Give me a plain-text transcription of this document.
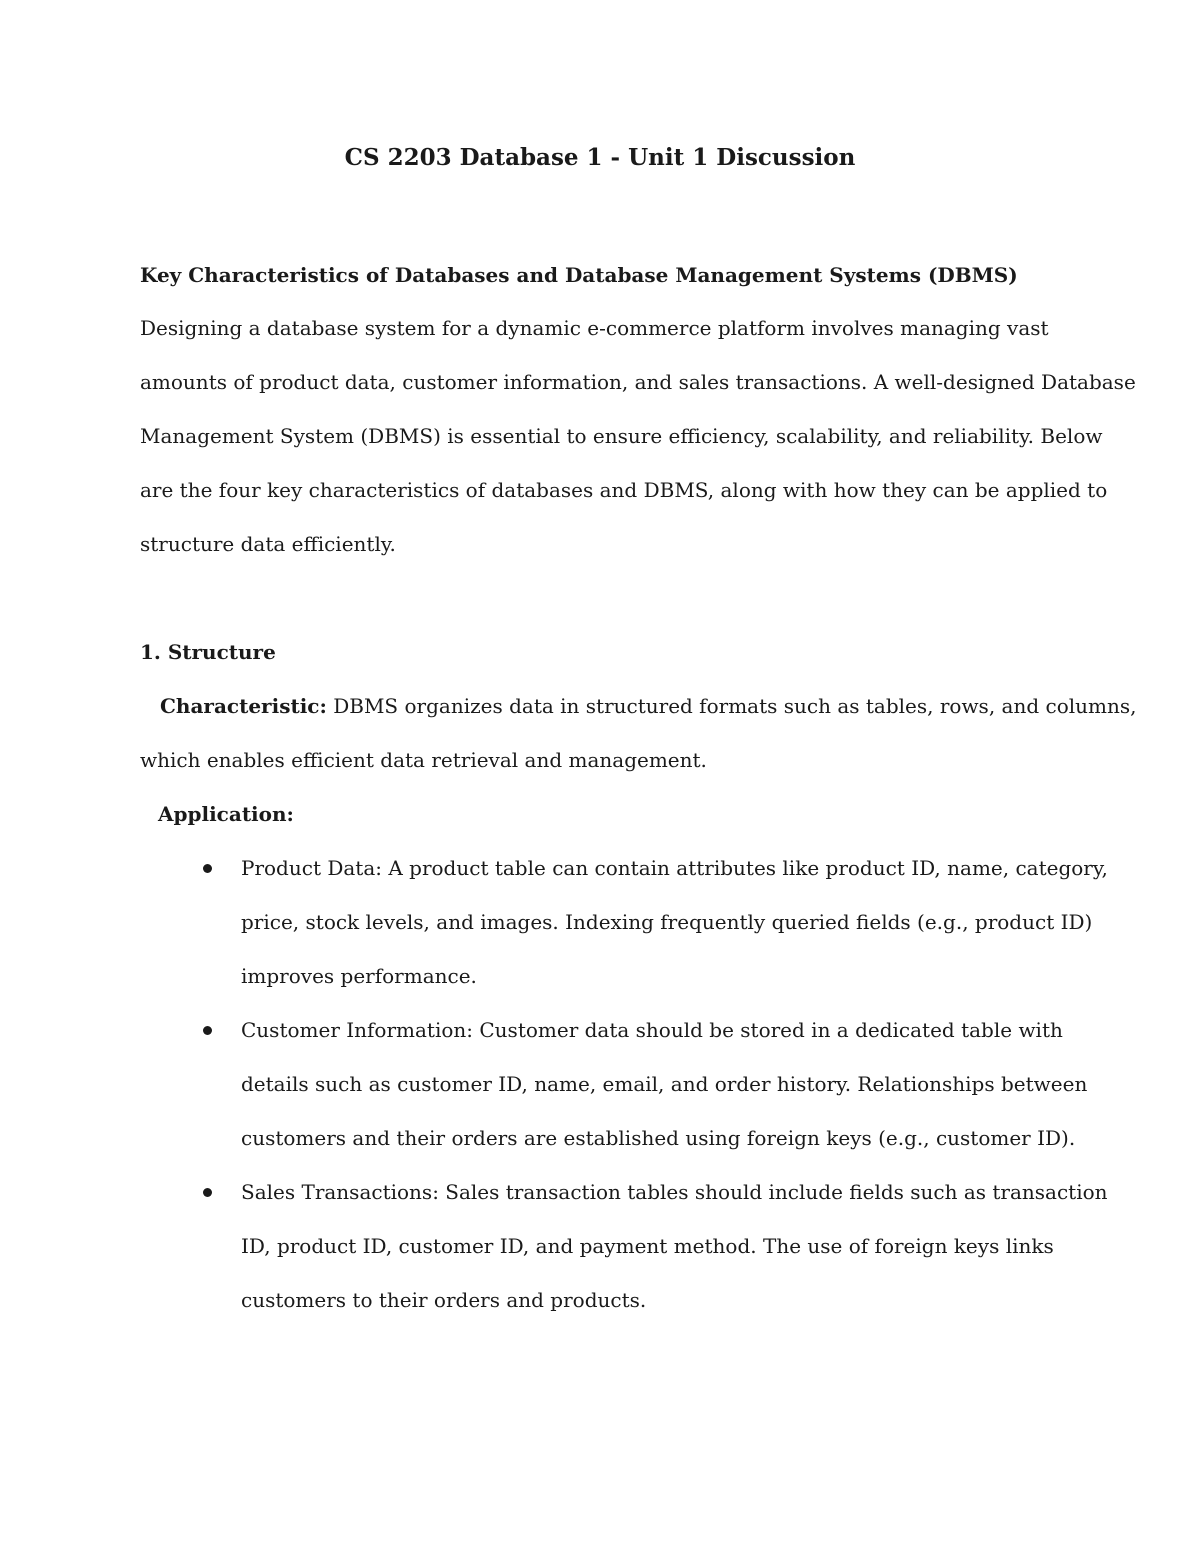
CS 2203 Database 1 - Unit 1 Discussion

Key Characteristics of Databases and Database Management Systems (DBMS)

Designing a database system for a dynamic e-commerce platform involves managing vast

amounts of product data, customer information, and sales transactions. A well-designed Database

Management System (DBMS) is essential to ensure efficiency, scalability, and reliability. Below

are the four key characteristics of databases and DBMS, along with how they can be applied to

structure data efficiently.

1. Structure

Characteristic: DBMS organizes data in structured formats such as tables, rows, and columns,

which enables efficient data retrieval and management.

Application:

Product Data: A product table can contain attributes like product ID, name, category,

price, stock levels, and images. Indexing frequently queried fields (e.g., product ID)

improves performance.

Customer Information: Customer data should be stored in a dedicated table with

details such as customer ID, name, email, and order history. Relationships between

customers and their orders are established using foreign keys (e.g., customer ID).

Sales Transactions: Sales transaction tables should include fields such as transaction

ID, product ID, customer ID, and payment method. The use of foreign keys links

customers to their orders and products.
